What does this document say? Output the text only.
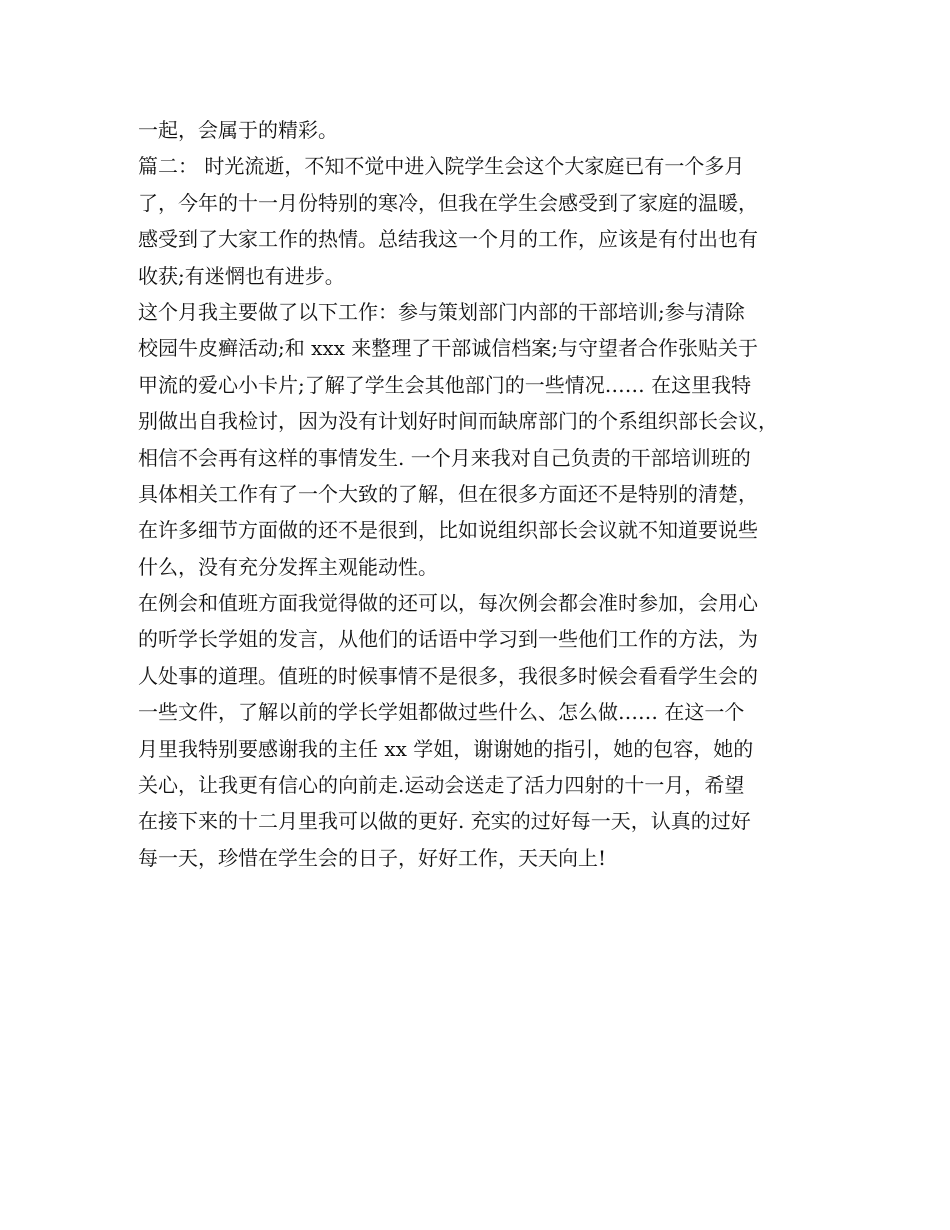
一起，会属于的精彩。
篇二： 时光流逝，不知不觉中进入院学生会这个大家庭已有一个多月
了，今年的十一月份特别的寒冷，但我在学生会感受到了家庭的温暖，
感受到了大家工作的热情。总结我这一个月的工作，应该是有付出也有
收获;有迷惘也有进步。
这个月我主要做了以下工作：参与策划部门内部的干部培训;参与清除
校园牛皮癣活动;和 xxx 来整理了干部诚信档案;与守望者合作张贴关于
甲流的爱心小卡片;了解了学生会其他部门的一些情况…… 在这里我特
别做出自我检讨，因为没有计划好时间而缺席部门的个系组织部长会议，
相信不会再有这样的事情发生. 一个月来我对自己负责的干部培训班的
具体相关工作有了一个大致的了解，但在很多方面还不是特别的清楚，
在许多细节方面做的还不是很到，比如说组织部长会议就不知道要说些
什么，没有充分发挥主观能动性。
在例会和值班方面我觉得做的还可以，每次例会都会准时参加，会用心
的听学长学姐的发言，从他们的话语中学习到一些他们工作的方法，为
人处事的道理。值班的时候事情不是很多，我很多时候会看看学生会的
一些文件，了解以前的学长学姐都做过些什么、怎么做…… 在这一个
月里我特别要感谢我的主任 xx 学姐，谢谢她的指引，她的包容，她的
关心，让我更有信心的向前走.运动会送走了活力四射的十一月，希望
在接下来的十二月里我可以做的更好. 充实的过好每一天，认真的过好
每一天，珍惜在学生会的日子，好好工作，天天向上!
